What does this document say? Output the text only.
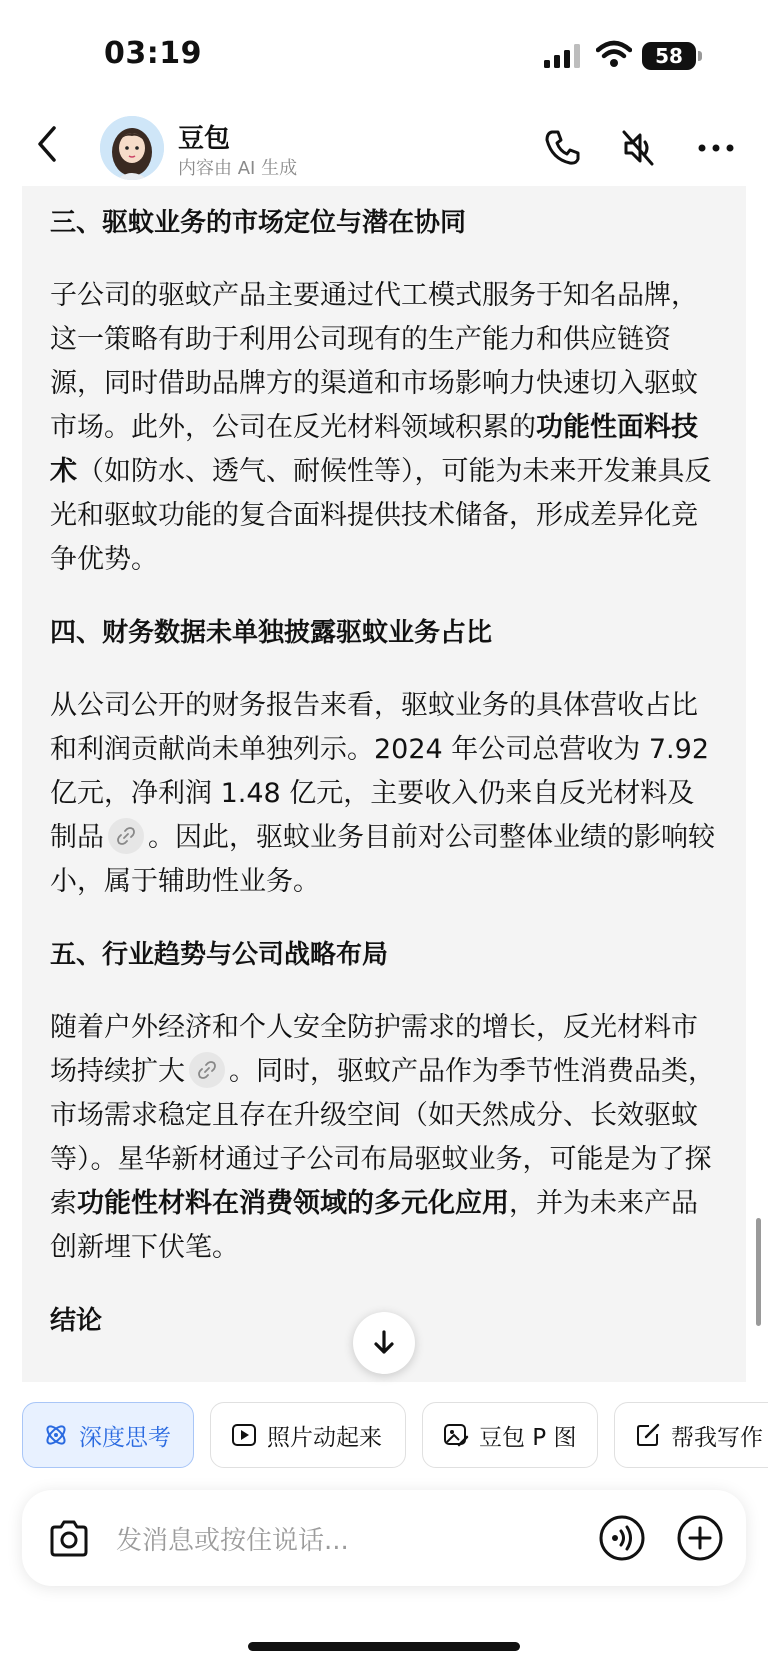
03:19	58
豆包
内容由 AI 生成
三、驱蚊业务的市场定位与潜在协同

子公司的驱蚊产品主要通过代工模式服务于知名品牌，这一策略有助于利用公司现有的生产能力和供应链资源，同时借助品牌方的渠道和市场影响力快速切入驱蚊市场。此外，公司在反光材料领域积累的功能性面料技术（如防水、透气、耐候性等），可能为未来开发兼具反光和驱蚊功能的复合面料提供技术储备，形成差异化竞争优势。

四、财务数据未单独披露驱蚊业务占比

从公司公开的财务报告来看，驱蚊业务的具体营收占比和利润贡献尚未单独列示。2024 年公司总营收为 7.92 亿元，净利润 1.48 亿元，主要收入仍来自反光材料及制品 。因此，驱蚊业务目前对公司整体业绩的影响较小，属于辅助性业务。

五、行业趋势与公司战略布局

随着户外经济和个人安全防护需求的增长，反光材料市场持续扩大 。同时，驱蚊产品作为季节性消费品类，市场需求稳定且存在升级空间（如天然成分、长效驱蚊等）。星华新材通过子公司布局驱蚊业务，可能是为了探索功能性材料在消费领域的多元化应用，并为未来产品创新埋下伏笔。

结论
深度思考	照片动起来	豆包 P 图	帮我写作
发消息或按住说话...
